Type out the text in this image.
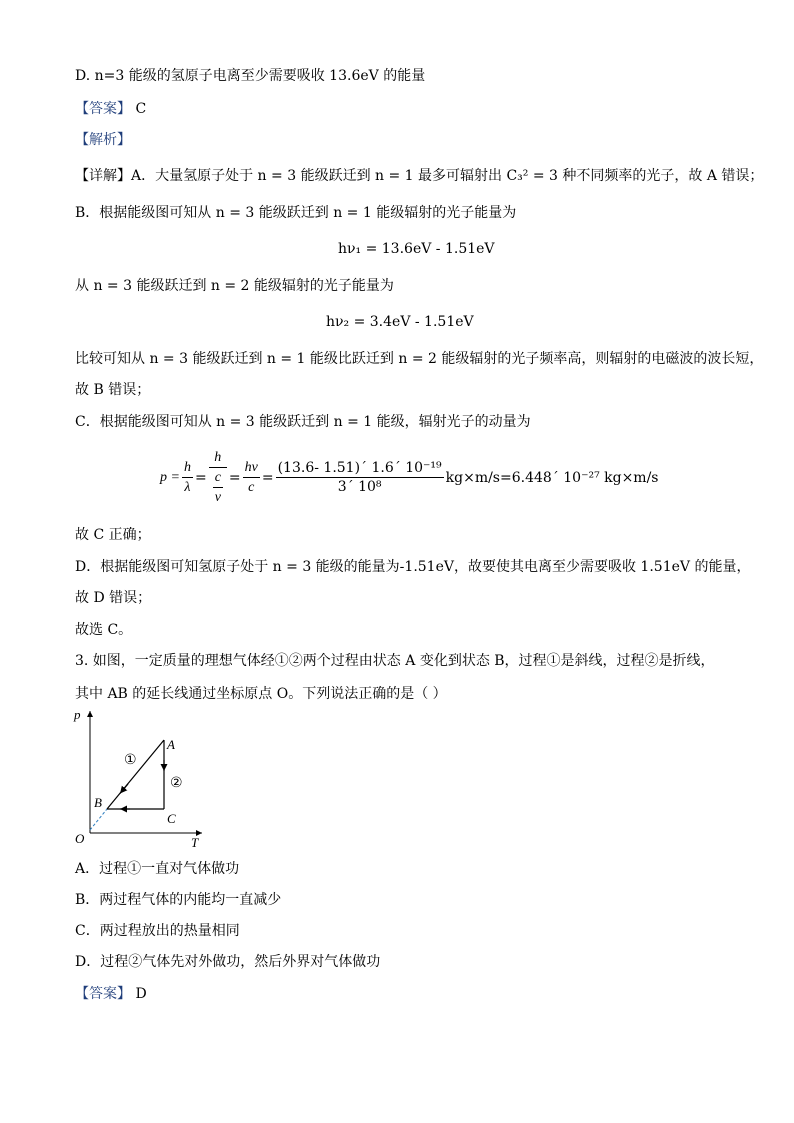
D. n=3 能级的氢原子电离至少需要吸收 13.6eV 的能量
【答案】 C
【解析】
【详解】A．大量氢原子处于 n = 3 能级跃迁到 n = 1 最多可辐射出 C₃² = 3 种不同频率的光子，故 A 错误；
B．根据能级图可知从 n = 3 能级跃迁到 n = 1 能级辐射的光子能量为
hν₁ = 13.6eV - 1.51eV
从 n = 3 能级跃迁到 n = 2 能级辐射的光子能量为
hν₂ = 3.4eV - 1.51eV
比较可知从 n = 3 能级跃迁到 n = 1 能级比跃迁到 n = 2 能级辐射的光子频率高，则辐射的电磁波的波长短，
故 B 错误；
C．根据能级图可知从 n = 3 能级跃迁到 n = 1 能级，辐射光子的动量为
$p = \frac{h}{\lambda} = \frac{h}{\frac{c}{\nu}} = \frac{h\nu}{c} = \frac{\text{(13.6- 1.51)´ 1.6´ 10⁻¹⁹}}{\text{3´ 10⁸}}$ kg×m/s=6.448´ 10⁻²⁷ kg×m/s
故 C 正确；
D．根据能级图可知氢原子处于 n = 3 能级的能量为-1.51eV，故要使其电离至少需要吸收 1.51eV 的能量，
故 D 错误；
故选 C。
3. 如图，一定质量的理想气体经①②两个过程由状态 A 变化到状态 B，过程①是斜线，过程②是折线，
其中 AB 的延长线通过坐标原点 O。下列说法正确的是（ ）
p
T
O
A
B
C
①
②
A．过程①一直对气体做功
B．两过程气体的内能均一直减少
C．两过程放出的热量相同
D．过程②气体先对外做功，然后外界对气体做功
【答案】 D
